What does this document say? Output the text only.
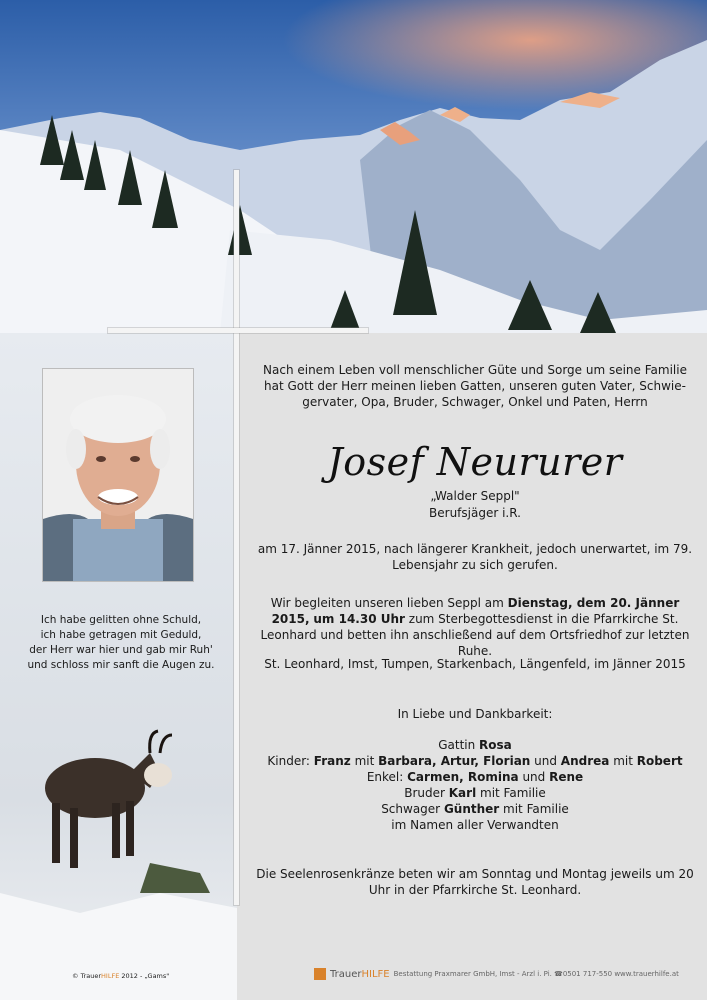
Ich habe gelitten ohne Schuld,
ich habe getragen mit Geduld,
der Herr war hier und gab mir Ruh'
und schloss mir sanft die Augen zu.
Nach einem Leben voll menschlicher Güte und Sorge um seine Familie
hat Gott der Herr meinen lieben Gatten, unseren guten Vater, Schwie-
gervater, Opa, Bruder, Schwager, Onkel und Paten, Herrn
Josef Neururer
„Walder Seppl"
Berufsjäger i.R.
am 17. Jänner 2015, nach längerer Krankheit, jedoch unerwartet, im 79. Lebensjahr zu sich gerufen.
Wir begleiten unseren lieben Seppl am Dienstag, dem 20. Jänner 2015, um 14.30 Uhr zum Sterbegottesdienst in die Pfarrkirche St. Leonhard und betten ihn anschließend auf dem Ortsfriedhof zur letzten Ruhe.
St. Leonhard, Imst, Tumpen, Starkenbach, Längenfeld, im Jänner 2015
In Liebe und Dankbarkeit:
Gattin Rosa
Kinder: Franz mit Barbara, Artur, Florian und Andrea mit Robert
Enkel: Carmen, Romina und Rene
Bruder Karl mit Familie
Schwager Günther mit Familie
im Namen aller Verwandten
Die Seelenrosenkränze beten wir am Sonntag und Montag jeweils um 20 Uhr in der Pfarrkirche St. Leonhard.
© TrauerHILFE 2012 - „Gams"	TrauerHILFE Bestattung Praxmarer GmbH, Imst - Arzl i. Pi. ☎0501 717-550 www.trauerhilfe.at
